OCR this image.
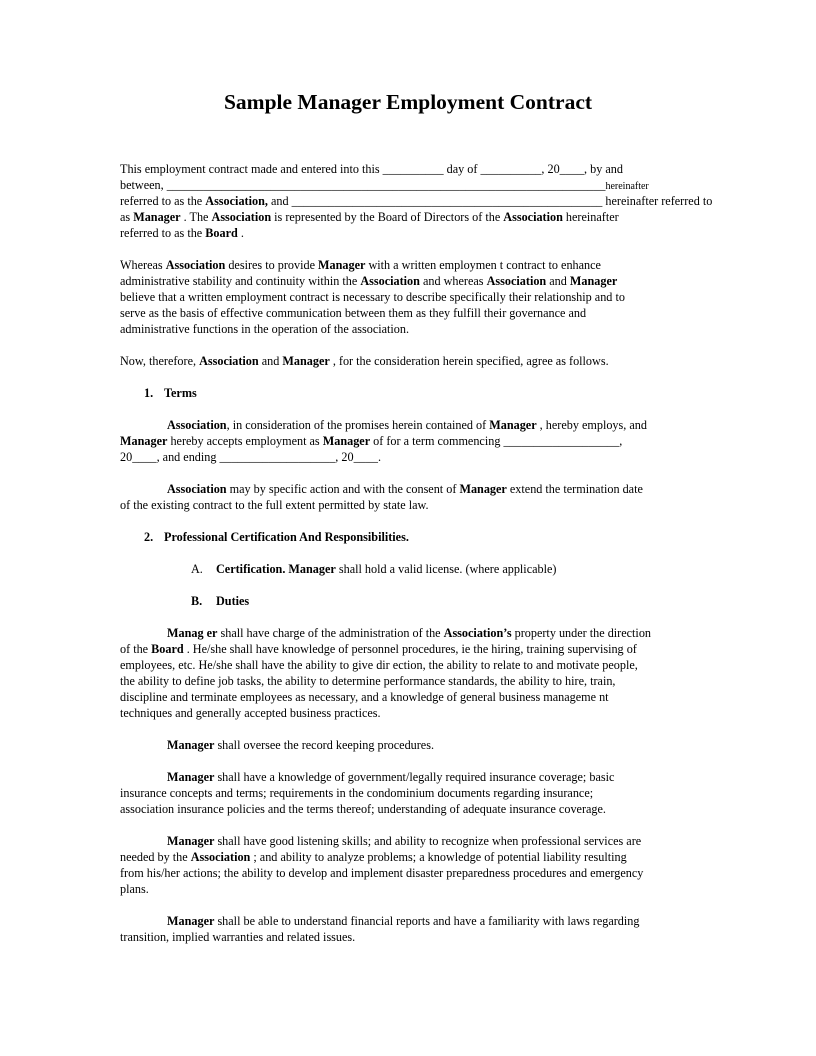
Sample Manager Employment Contract
This employment contract made and entered into this __________ day of __________, 20____, by and
between, ________________________________________________________________________hereinafter
referred to as the Association, and ___________________________________________________ hereinafter referred to
as Manager . The Association is represented by the Board of Directors of the Association hereinafter
referred to as the Board .
Whereas Association desires to provide Manager with a written employmen t contract to enhance
administrative stability and continuity within the Association and whereas Association and Manager
believe that a written employment contract is necessary to describe specifically their relationship and to
serve as the basis of effective communication between them as they fulfill their governance and
administrative functions in the operation of the association.
Now, therefore, Association and Manager , for the consideration herein specified, agree as follows.
1. Terms
Association, in consideration of the promises herein contained of Manager , hereby employs, and
Manager hereby accepts employment as Manager of for a term commencing ___________________,
20____, and ending ___________________, 20____.
Association may by specific action and with the consent of Manager extend the termination date
of the existing contract to the full extent permitted by state law.
2. Professional Certification And Responsibilities.
A. Certification. Manager shall hold a valid license. (where applicable)
B. Duties
Manag er shall have charge of the administration of the Association’s property under the direction
of the Board . He/she shall have knowledge of personnel procedures, ie the hiring, training supervising of
employees, etc. He/she shall have the ability to give dir ection, the ability to relate to and motivate people,
the ability to define job tasks, the ability to determine performance standards, the ability to hire, train,
discipline and terminate employees as necessary, and a knowledge of general business manageme nt
techniques and generally accepted business practices.
Manager shall oversee the record keeping procedures.
Manager shall have a knowledge of government/legally required insurance coverage; basic
insurance concepts and terms; requirements in the condominium documents regarding insurance;
association insurance policies and the terms thereof; understanding of adequate insurance coverage.
Manager shall have good listening skills; and ability to recognize when professional services are
needed by the Association ; and ability to analyze problems; a knowledge of potential liability resulting
from his/her actions; the ability to develop and implement disaster preparedness procedures and emergency
plans.
Manager shall be able to understand financial reports and have a familiarity with laws regarding
transition, implied warranties and related issues.
